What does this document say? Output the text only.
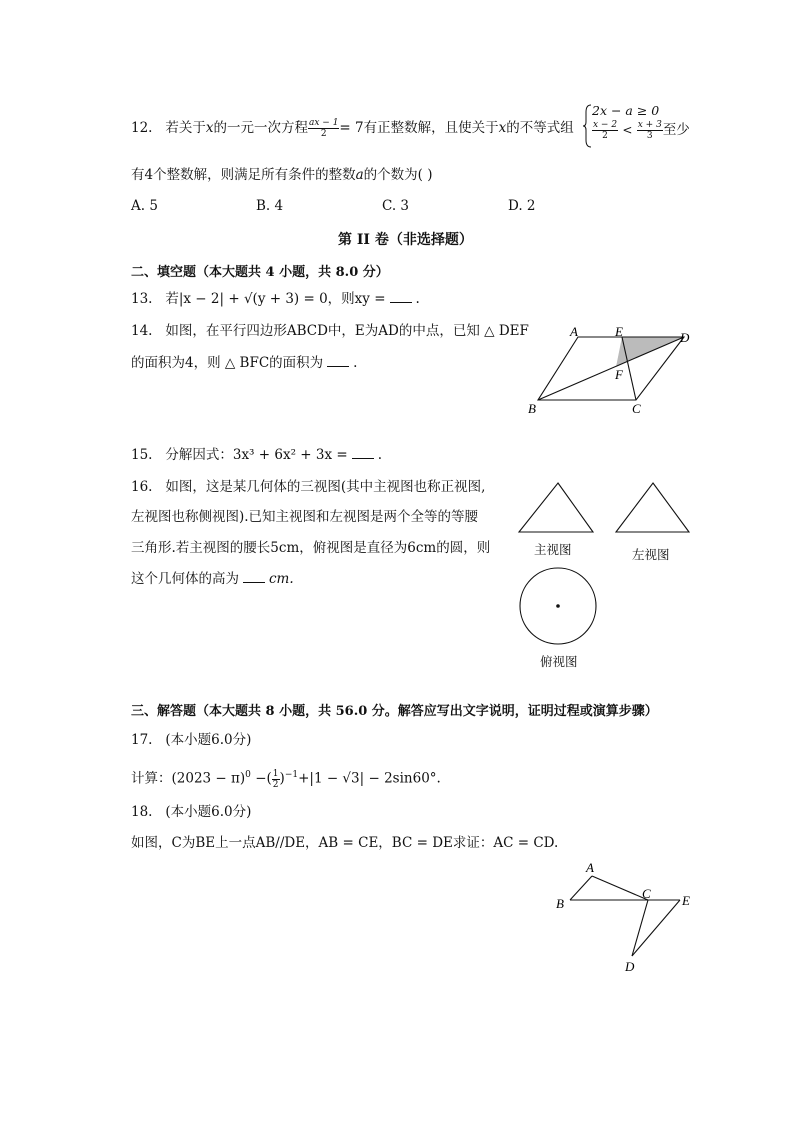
12. 若关于x的一元一次方程 $\frac{ax - 1}{2} = 7$有正整数解，且使关于x的不等式组
2x − a ≥ 0
$\frac{x - 2}{2} < \frac{x + 3}{3}$ 至少
有4个整数解，则满足所有条件的整数a的个数为( )
A. 5	B. 4	C. 3	D. 2
第 II 卷（非选择题）
二、填空题（本大题共 4 小题，共 8.0 分）
13. 若|x − 2| + √(y + 3) = 0，则xy = .
14. 如图，在平行四边形ABCD中，E为AD的中点，已知 △ DEF
的面积为4，则 △ BFC的面积为 .
A	E	D
F
B	C
15. 分解因式：3x³ + 6x² + 3x = .
16. 如图，这是某几何体的三视图(其中主视图也称正视图,
左视图也称侧视图).已知主视图和左视图是两个全等的等腰
三角形.若主视图的腰长5cm，俯视图是直径为6cm的圆，则
这个几何体的高为 cm.
主视图	左视图
俯视图
三、解答题（本大题共 8 小题，共 56.0 分。解答应写出文字说明，证明过程或演算步骤）
17. (本小题6.0分)
计算：$(2023 - \pi)^0$ −( $\frac{1}{2} )^{-1}+|1 - √3| - 2\sin 60^\circ$.
18. (本小题6.0分)
如图，C为BE上一点AB//DE，AB = CE，BC = DE求证：AC = CD.
A
B
C E
D
